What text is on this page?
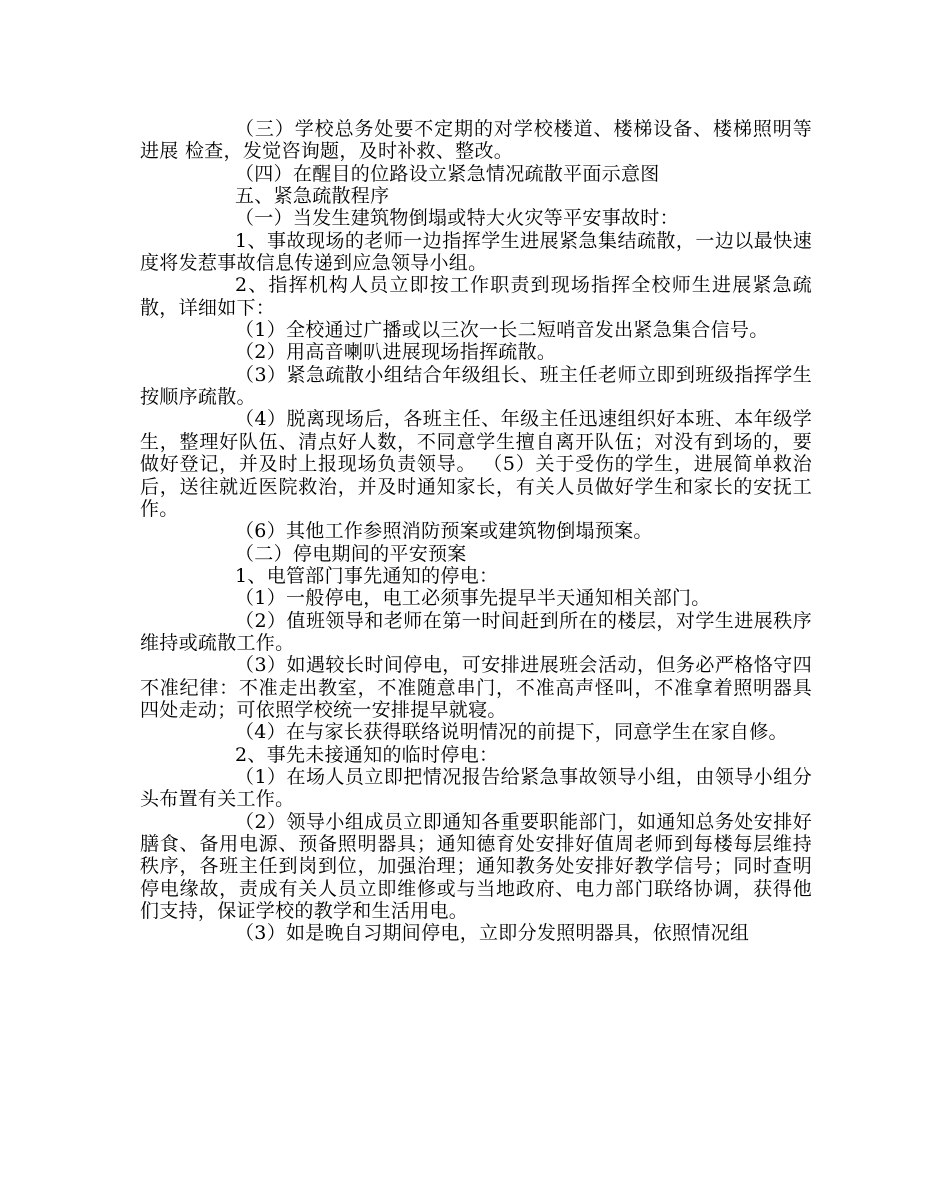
（三）学校总务处要不定期的对学校楼道、楼梯设备、楼梯照明等进展 检查，发觉咨询题，及时补救、整改。

（四）在醒目的位路设立紧急情况疏散平面示意图

五、紧急疏散程序

（一）当发生建筑物倒塌或特大火灾等平安事故时：

1、事故现场的老师一边指挥学生进展紧急集结疏散，一边以最快速度将发惹事故信息传递到应急领导小组。

2、指挥机构人员立即按工作职责到现场指挥全校师生进展紧急疏散，详细如下：

（1）全校通过广播或以三次一长二短哨音发出紧急集合信号。

（2）用高音喇叭进展现场指挥疏散。

（3）紧急疏散小组结合年级组长、班主任老师立即到班级指挥学生按顺序疏散。

（4）脱离现场后，各班主任、年级主任迅速组织好本班、本年级学生，整理好队伍、清点好人数，不同意学生擅自离开队伍；对没有到场的，要做好登记，并及时上报现场负责领导。 （5）关于受伤的学生，进展简单救治后，送往就近医院救治，并及时通知家长，有关人员做好学生和家长的安抚工作。

（6）其他工作参照消防预案或建筑物倒塌预案。

（二）停电期间的平安预案

1、电管部门事先通知的停电：

（1）一般停电，电工必须事先提早半天通知相关部门。

（2）值班领导和老师在第一时间赶到所在的楼层，对学生进展秩序维持或疏散工作。

（3）如遇较长时间停电，可安排进展班会活动，但务必严格恪守四不准纪律：不准走出教室，不准随意串门，不准高声怪叫，不准拿着照明器具四处走动；可依照学校统一安排提早就寝。

（4）在与家长获得联络说明情况的前提下，同意学生在家自修。

2、事先未接通知的临时停电：

（1）在场人员立即把情况报告给紧急事故领导小组，由领导小组分头布置有关工作。

（2）领导小组成员立即通知各重要职能部门，如通知总务处安排好膳食、备用电源、预备照明器具；通知德育处安排好值周老师到每楼每层维持秩序，各班主任到岗到位，加强治理；通知教务处安排好教学信号；同时查明停电缘故，责成有关人员立即维修或与当地政府、电力部门联络协调，获得他们支持，保证学校的教学和生活用电。

（3）如是晚自习期间停电，立即分发照明器具，依照情况组
